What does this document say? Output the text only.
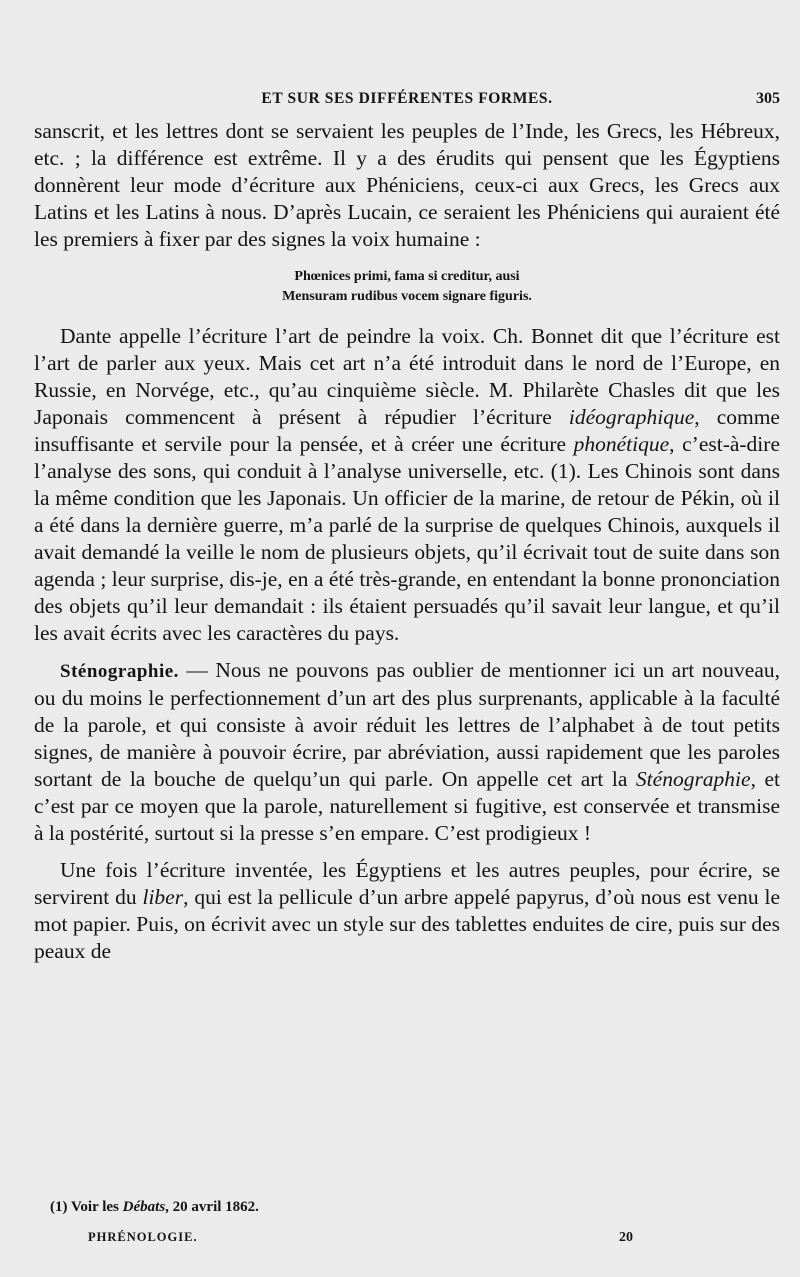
ET SUR SES DIFFÉRENTES FORMES.	305

sanscrit, et les lettres dont se servaient les peuples de l’Inde, les Grecs, les Hébreux, etc. ; la différence est extrême. Il y a des érudits qui pensent que les Égyptiens donnèrent leur mode d’écriture aux Phéniciens, ceux-ci aux Grecs, les Grecs aux Latins et les Latins à nous. D’après Lucain, ce seraient les Phéniciens qui auraient été les premiers à fixer par des signes la voix humaine :

Phœnices primi, fama si creditur, ausi
Mensuram rudibus vocem signare figuris.

Dante appelle l’écriture l’art de peindre la voix. Ch. Bonnet dit que l’écriture est l’art de parler aux yeux. Mais cet art n’a été introduit dans le nord de l’Europe, en Russie, en Norvége, etc., qu’au cinquième siècle. M. Philarète Chasles dit que les Japonais commencent à présent à répudier l’écriture idéographique, comme insuffisante et servile pour la pensée, et à créer une écriture phonétique, c’est-à-dire l’analyse des sons, qui conduit à l’analyse universelle, etc. (1). Les Chinois sont dans la même condition que les Japonais. Un officier de la marine, de retour de Pékin, où il a été dans la dernière guerre, m’a parlé de la surprise de quelques Chinois, auxquels il avait demandé la veille le nom de plusieurs objets, qu’il écrivait tout de suite dans son agenda ; leur surprise, dis-je, en a été très-grande, en entendant la bonne prononciation des objets qu’il leur demandait : ils étaient persuadés qu’il savait leur langue, et qu’il les avait écrits avec les caractères du pays.

Sténographie. — Nous ne pouvons pas oublier de mentionner ici un art nouveau, ou du moins le perfectionnement d’un art des plus surprenants, applicable à la faculté de la parole, et qui consiste à avoir réduit les lettres de l’alphabet à de tout petits signes, de manière à pouvoir écrire, par abréviation, aussi rapidement que les paroles sortant de la bouche de quelqu’un qui parle. On appelle cet art la Sténographie, et c’est par ce moyen que la parole, naturellement si fugitive, est conservée et transmise à la postérité, surtout si la presse s’en empare. C’est prodigieux !

Une fois l’écriture inventée, les Égyptiens et les autres peuples, pour écrire, se servirent du liber, qui est la pellicule d’un arbre appelé papyrus, d’où nous est venu le mot papier. Puis, on écrivit avec un style sur des tablettes enduites de cire, puis sur des peaux de

(1) Voir les Débats, 20 avril 1862.
PHRÉNOLOGIE.	20
